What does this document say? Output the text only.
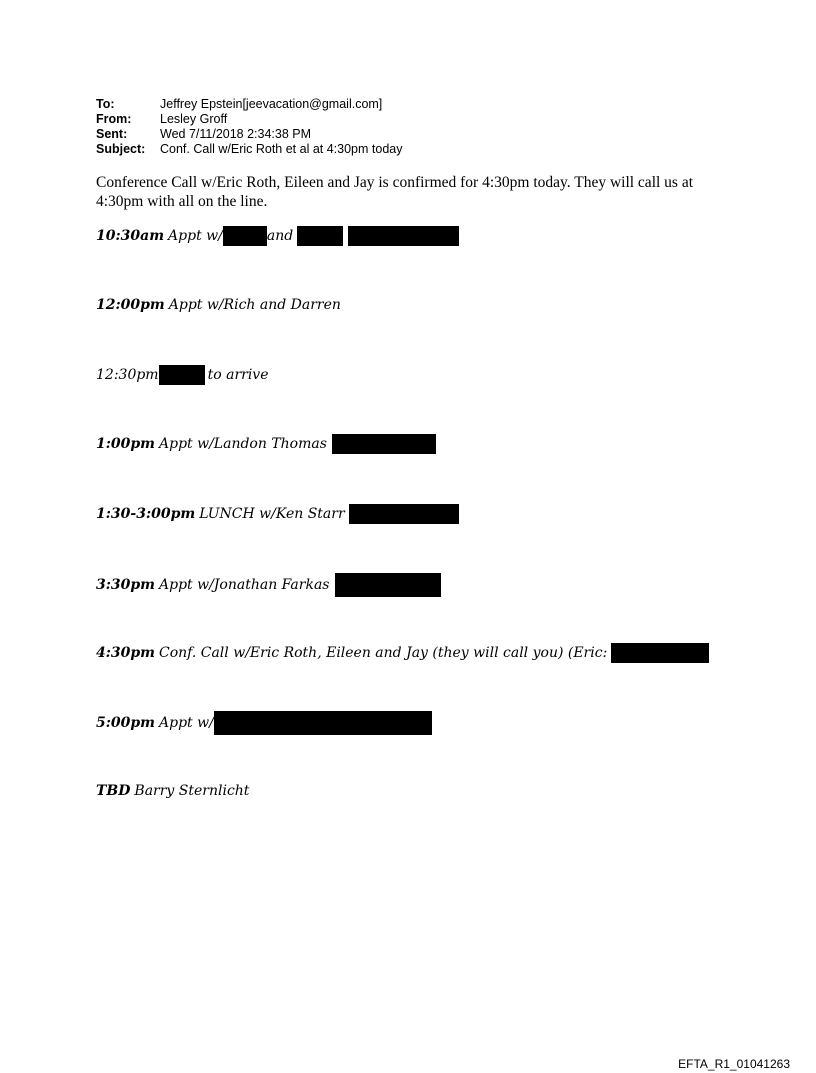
To:	Jeffrey Epstein[jeevacation@gmail.com]
From:	Lesley Groff
Sent:	Wed 7/11/2018 2:34:38 PM
Subject:	Conf. Call w/Eric Roth et al at 4:30pm today
Conference Call w/Eric Roth, Eileen and Jay is confirmed for 4:30pm today. They will call us at 4:30pm with all on the line.
10:30am Appt w/	and
12:00pm Appt w/Rich and Darren
12:30pm	to arrive
1:00pm Appt w/Landon Thomas
1:30-3:00pm LUNCH w/Ken Starr
3:30pm Appt w/Jonathan Farkas
4:30pm Conf. Call w/Eric Roth, Eileen and Jay (they will call you) (Eric:
5:00pm Appt w/
TBD Barry Sternlicht
EFTA_R1_01041263
